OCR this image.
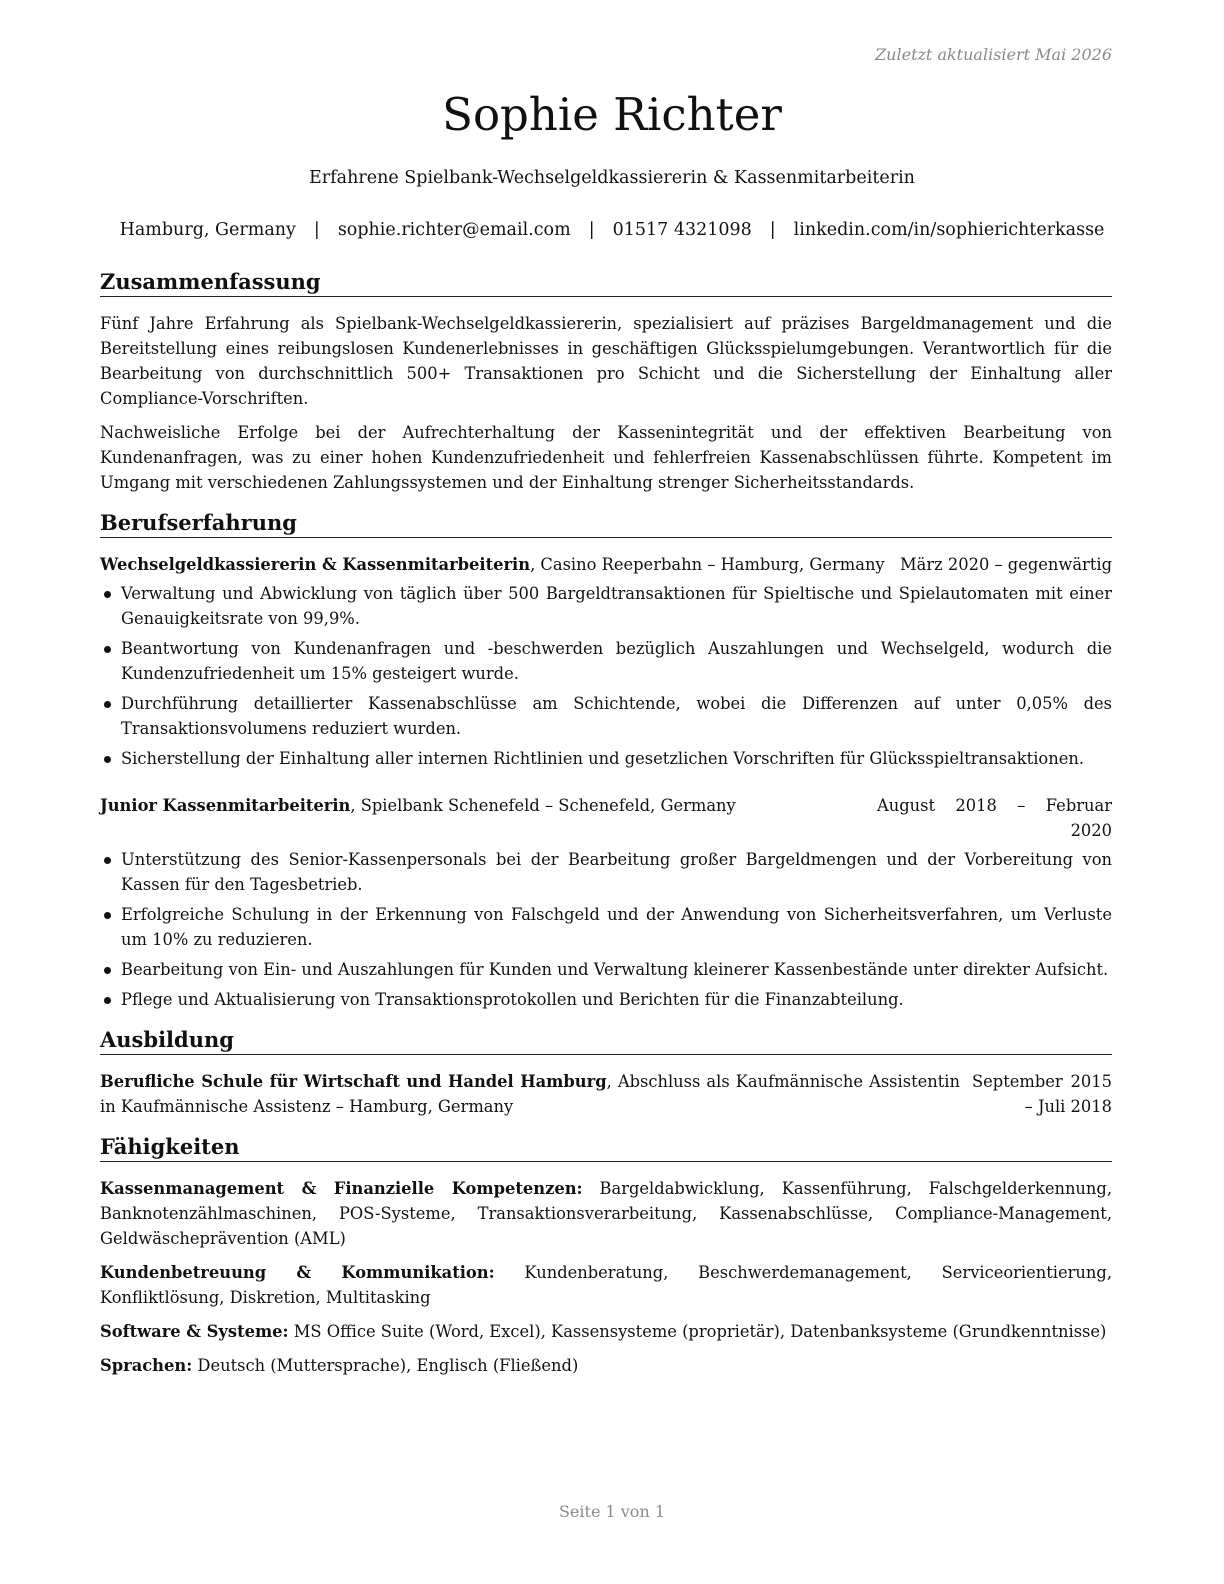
Zuletzt aktualisiert Mai 2026
Sophie Richter
Erfahrene Spielbank-Wechselgeldkassiererin & Kassenmitarbeiterin
Hamburg, Germany | sophie.richter@email.com | 01517 4321098 | linkedin.com/in/sophierichterkasse
Zusammenfassung

Fünf Jahre Erfahrung als Spielbank-Wechselgeldkassiererin, spezialisiert auf präzises Bargeldmanagement und die Bereitstellung eines reibungslosen Kundenerlebnisses in geschäftigen Glücksspielumgebungen. Verantwortlich für die Bearbeitung von durchschnittlich 500+ Transaktionen pro Schicht und die Sicherstellung der Einhaltung aller Compliance-Vorschriften.

Nachweisliche Erfolge bei der Aufrechterhaltung der Kassenintegrität und der effektiven Bearbeitung von Kundenanfragen, was zu einer hohen Kundenzufriedenheit und fehlerfreien Kassenabschlüssen führte. Kompetent im Umgang mit verschiedenen Zahlungssystemen und der Einhaltung strenger Sicherheitsstandards.

Berufserfahrung
Wechselgeldkassiererin & Kassenmitarbeiterin, Casino Reeperbahn – Hamburg, Germany März 2020 – gegenwärtig
Verwaltung und Abwicklung von täglich über 500 Bargeldtransaktionen für Spieltische und Spielautomaten mit einer Genauigkeitsrate von 99,9%.
Beantwortung von Kundenanfragen und -beschwerden bezüglich Auszahlungen und Wechselgeld, wodurch die Kundenzufriedenheit um 15% gesteigert wurde.
Durchführung detaillierter Kassenabschlüsse am Schichtende, wobei die Differenzen auf unter 0,05% des Transaktionsvolumens reduziert wurden.
Sicherstellung der Einhaltung aller internen Richtlinien und gesetzlichen Vorschriften für Glücksspieltransaktionen.
Junior Kassenmitarbeiterin, Spielbank Schenefeld – Schenefeld, Germany	August 2018 – Februar 2020
Unterstützung des Senior-Kassenpersonals bei der Bearbeitung großer Bargeldmengen und der Vorbereitung von Kassen für den Tagesbetrieb.
Erfolgreiche Schulung in der Erkennung von Falschgeld und der Anwendung von Sicherheitsverfahren, um Verluste um 10% zu reduzieren.
Bearbeitung von Ein- und Auszahlungen für Kunden und Verwaltung kleinerer Kassenbestände unter direkter Aufsicht.
Pflege und Aktualisierung von Transaktionsprotokollen und Berichten für die Finanzabteilung.
Ausbildung
Berufliche Schule für Wirtschaft und Handel Hamburg, Abschluss als Kaufmännische Assistentin in Kaufmännische Assistenz – Hamburg, Germany
September 2015 – Juli 2018
Fähigkeiten

Kassenmanagement & Finanzielle Kompetenzen: Bargeldabwicklung, Kassenführung, Falschgelderkennung, Banknotenzählmaschinen, POS-Systeme, Transaktionsverarbeitung, Kassenabschlüsse, Compliance-Management, Geldwäscheprävention (AML)

Kundenbetreuung & Kommunikation: Kundenberatung, Beschwerdemanagement, Serviceorientierung, Konfliktlösung, Diskretion, Multitasking

Software & Systeme: MS Office Suite (Word, Excel), Kassensysteme (proprietär), Datenbanksysteme (Grundkenntnisse)

Sprachen: Deutsch (Muttersprache), Englisch (Fließend)

Seite 1 von 1
